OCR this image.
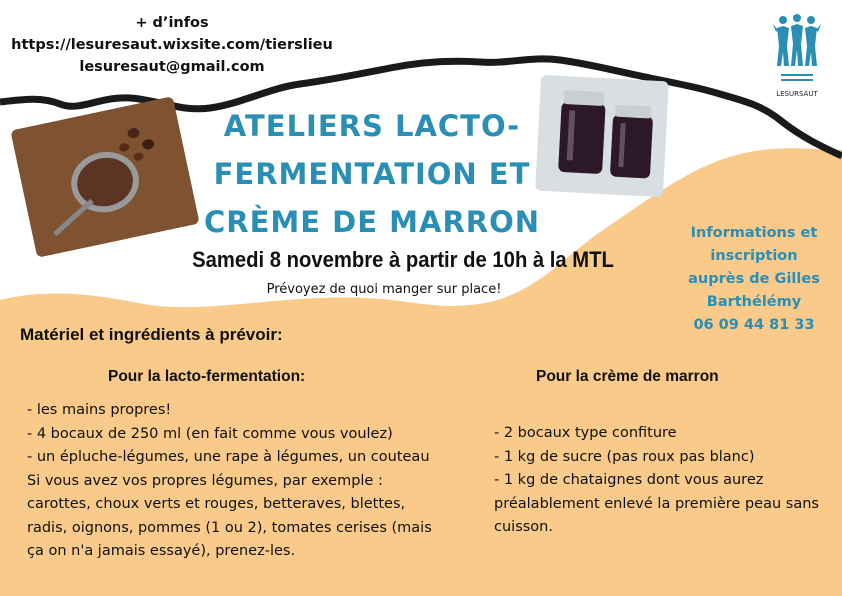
+ d’infos
https://lesuresaut.wixsite.com/tierslieu
lesuresaut@gmail.com
LESURSAUT
ATELIERS LACTO-
FERMENTATION ET
CRÈME DE MARRON
Samedi 8 novembre à partir de 10h à la MTL
Prévoyez de quoi manger sur place!
Informations et
inscription
auprès de Gilles
Barthélémy
06 09 44 81 33
Matériel et ingrédients à prévoir:
Pour la lacto-fermentation:	Pour la crème de marron
- les mains propres!
- 4 bocaux de 250 ml (en fait comme vous voulez)
- un épluche-légumes, une rape à légumes, un couteau
Si vous avez vos propres légumes, par exemple : carottes, choux verts et rouges, betteraves, blettes, radis, oignons, pommes (1 ou 2), tomates cerises (mais ça on n'a jamais essayé), prenez-les.
- 2 bocaux type confiture
- 1 kg de sucre (pas roux pas blanc)
- 1 kg de chataignes dont vous aurez préalablement enlevé la première peau sans cuisson.
